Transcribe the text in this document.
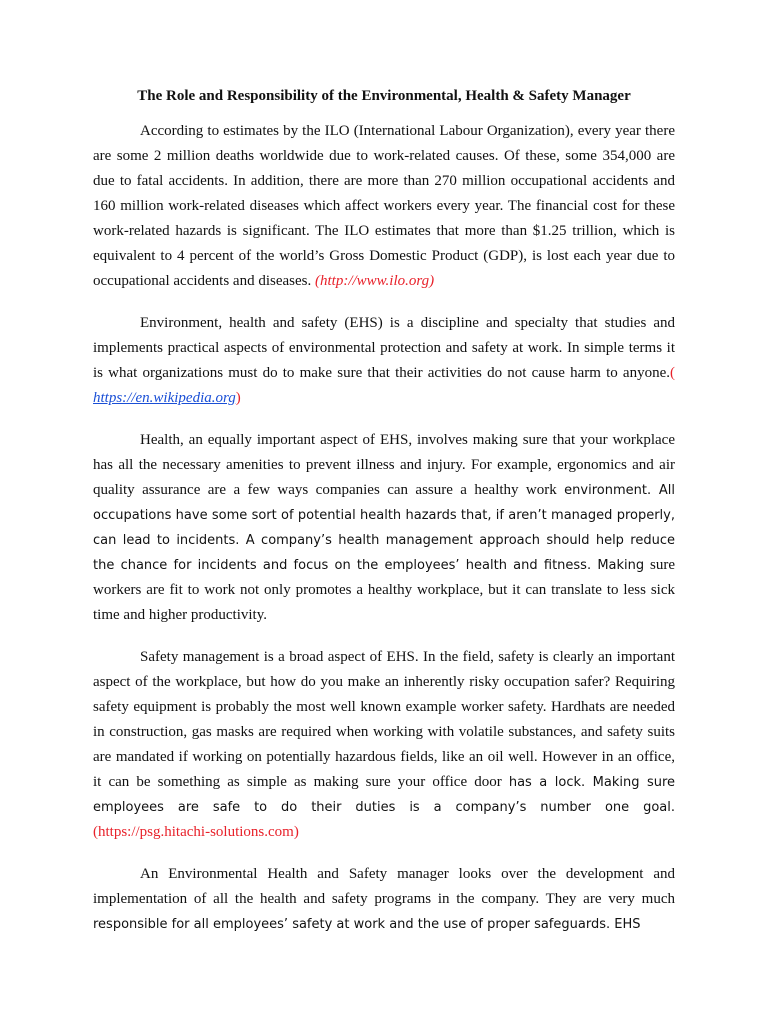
The Role and Responsibility of the Environmental, Health & Safety Manager

According to estimates by the ILO (International Labour Organization), every year there are some 2 million deaths worldwide due to work-related causes. Of these, some 354,000 are due to fatal accidents. In addition, there are more than 270 million occupational accidents and 160 million work-related diseases which affect workers every year. The financial cost for these work-related hazards is significant. The ILO estimates that more than $1.25 trillion, which is equivalent to 4 percent of the world’s Gross Domestic Product (GDP), is lost each year due to occupational accidents and diseases. (http://www.ilo.org)

Environment, health and safety (EHS) is a discipline and specialty that studies and implements practical aspects of environmental protection and safety at work. In simple terms it is what organizations must do to make sure that their activities do not cause harm to anyone.( https://en.wikipedia.org)

Health, an equally important aspect of EHS, involves making sure that your workplace has all the necessary amenities to prevent illness and injury. For example, ergonomics and air quality assurance are a few ways companies can assure a healthy work environment. All occupations have some sort of potential health hazards that, if aren’t managed properly, can lead to incidents. A company’s health management approach should help reduce the chance for incidents and focus on the employees’ health and fitness. Making sure workers are fit to work not only promotes a healthy workplace, but it can translate to less sick time and higher productivity.

Safety management is a broad aspect of EHS. In the field, safety is clearly an important aspect of the workplace, but how do you make an inherently risky occupation safer? Requiring safety equipment is probably the most well known example worker safety. Hardhats are needed in construction, gas masks are required when working with volatile substances, and safety suits are mandated if working on potentially hazardous fields, like an oil well. However in an office, it can be something as simple as making sure your office door has a lock. Making sure employees are safe to do their duties is a company’s number one goal. (https://psg.hitachi-solutions.com)

An Environmental Health and Safety manager looks over the development and implementation of all the health and safety programs in the company. They are very much responsible for all employees’ safety at work and the use of proper safeguards. EHS
